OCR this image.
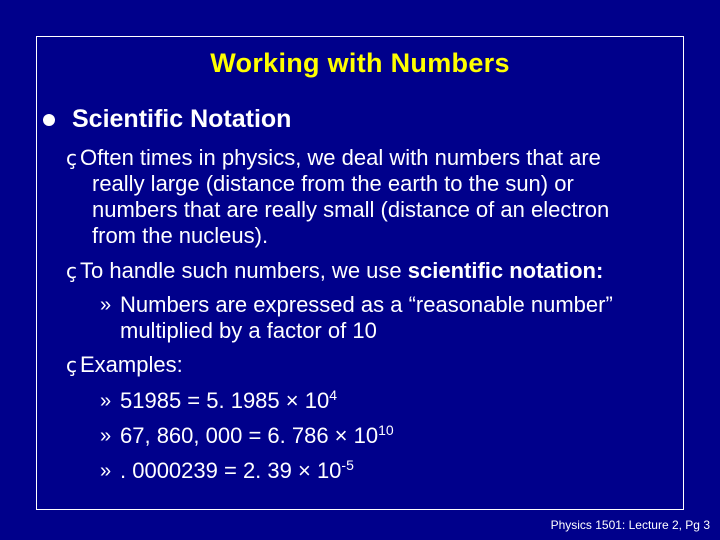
Working with Numbers
Scientific Notation
ç Often times in physics, we deal with numbers that are
really large (distance from the earth to the sun) or
numbers that are really small (distance of an electron
from the nucleus).
ç To handle such numbers, we use scientific notation:
» Numbers are expressed as a “reasonable number”
multiplied by a factor of 10
ç Examples:
» 51985 = 5. $1985 \times 10^4$
» 67, 860, 000 = 6. $786 \times 10^{10}$
» . 0000239 = 2. $39 \times 10^{-5}$
Physics 1501: Lecture 2, Pg 3
